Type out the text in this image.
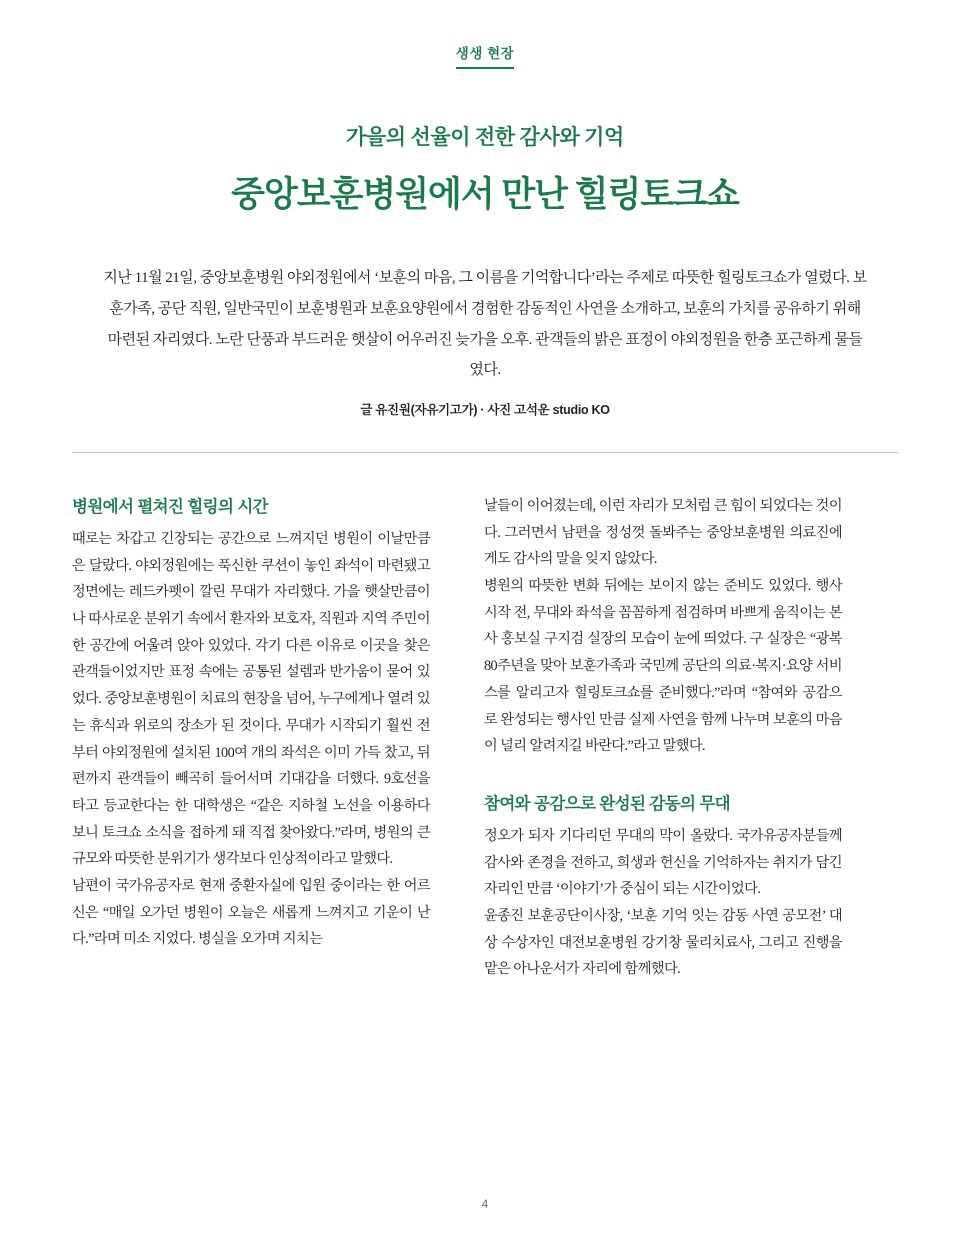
생생 현장
가을의 선율이 전한 감사와 기억
중앙보훈병원에서 만난 힐링토크쇼
지난 11월 21일, 중앙보훈병원 야외정원에서 ‘보훈의 마음, 그 이름을 기억합니다’라는 주제로 따뜻한 힐링토크쇼가 열렸다. 보훈가족, 공단 직원, 일반국민이 보훈병원과 보훈요양원에서 경험한 감동적인 사연을 소개하고, 보훈의 가치를 공유하기 위해 마련된 자리였다. 노란 단풍과 부드러운 햇살이 어우러진 늦가을 오후. 관객들의 밝은 표정이 야외정원을 한층 포근하게 물들였다.
글 유진원(자유기고가) · 사진 고석운 studio KO
병원에서 펼쳐진 힐링의 시간

때로는 차갑고 긴장되는 공간으로 느껴지던 병원이 이날만큼은 달랐다. 야외정원에는 푹신한 쿠션이 놓인 좌석이 마련됐고 정면에는 레드카펫이 깔린 무대가 자리했다. 가을 햇살만큼이나 따사로운 분위기 속에서 환자와 보호자, 직원과 지역 주민이 한 공간에 어울려 앉아 있었다. 각기 다른 이유로 이곳을 찾은 관객들이었지만 표정 속에는 공통된 설렘과 반가움이 묻어 있었다. 중앙보훈병원이 치료의 현장을 넘어, 누구에게나 열려 있는 휴식과 위로의 장소가 된 것이다. 무대가 시작되기 훨씬 전부터 야외정원에 설치된 100여 개의 좌석은 이미 가득 찼고, 뒤편까지 관객들이 빼곡히 들어서며 기대감을 더했다. 9호선을 타고 등교한다는 한 대학생은 “같은 지하철 노선을 이용하다 보니 토크쇼 소식을 접하게 돼 직접 찾아왔다.”라며, 병원의 큰 규모와 따뜻한 분위기가 생각보다 인상적이라고 말했다.

남편이 국가유공자로 현재 중환자실에 입원 중이라는 한 어르신은 “매일 오가던 병원이 오늘은 새롭게 느껴지고 기운이 난다.”라며 미소 지었다. 병실을 오가며 지치는

날들이 이어졌는데, 이런 자리가 모처럼 큰 힘이 되었다는 것이다. 그러면서 남편을 정성껏 돌봐주는 중앙보훈병원 의료진에게도 감사의 말을 잊지 않았다.

병원의 따뜻한 변화 뒤에는 보이지 않는 준비도 있었다. 행사 시작 전, 무대와 좌석을 꼼꼼하게 점검하며 바쁘게 움직이는 본사 홍보실 구지검 실장의 모습이 눈에 띄었다. 구 실장은 “광복 80주년을 맞아 보훈가족과 국민께 공단의 의료·복지·요양 서비스를 알리고자 힐링토크쇼를 준비했다.”라며 “참여와 공감으로 완성되는 행사인 만큼 실제 사연을 함께 나누며 보훈의 마음이 널리 알려지길 바란다.”라고 말했다.

참여와 공감으로 완성된 감동의 무대

정오가 되자 기다리던 무대의 막이 올랐다. 국가유공자분들께 감사와 존경을 전하고, 희생과 헌신을 기억하자는 취지가 담긴 자리인 만큼 ‘이야기’가 중심이 되는 시간이었다.

윤종진 보훈공단이사장, ‘보훈 기억 잇는 감동 사연 공모전’ 대상 수상자인 대전보훈병원 강기창 물리치료사, 그리고 진행을 맡은 아나운서가 자리에 함께했다.

4
